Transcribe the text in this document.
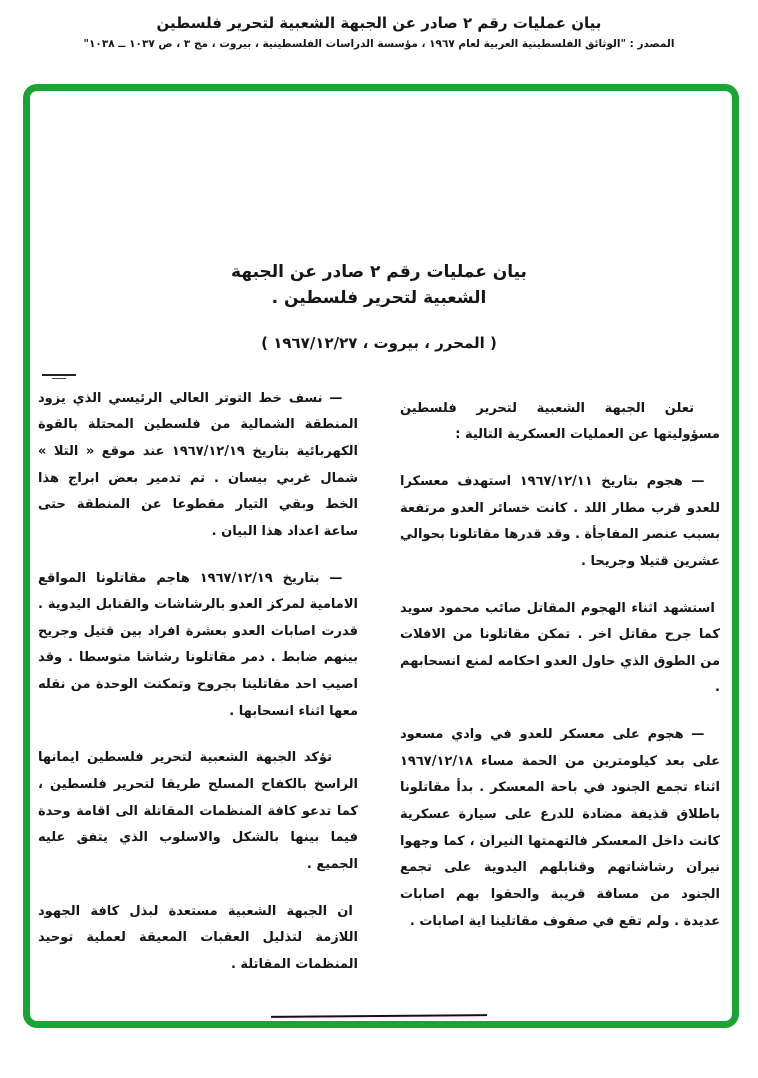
بيان عمليات رقم ٢ صادر عن الجبهة الشعبية لتحرير فلسطين
المصدر : "الوثائق الفلسطينية العربية لعام ١٩٦٧ ، مؤسسة الدراسات الفلسطينية ، بيروت ، مج ٣ ، ص ١٠٣٧ ــ ١٠٣٨"
بيان عمليات رقم ٢ صادر عن الجبهة
الشعبية لتحرير فلسطين .
( المحرر ، بيروت ، ١٩٦٧/١٢/٢٧ )

تعلن الجبهة الشعبية لتحرير فلسطين مسؤوليتها عن العمليات العسكرية التالية :

— هجوم بتاريخ ١٩٦٧/١٢/١١ استهدف معسكرا للعدو قرب مطار اللد . كانت خسائر العدو مرتفعة بسبب عنصر المفاجأة . وقد قدرها مقاتلونا بحوالي عشرين قتيلا وجريحا .

استشهد اثناء الهجوم المقاتل صائب محمود سويد كما جرح مقاتل اخر . تمكن مقاتلونا من الافلات من الطوق الذي حاول العدو احكامه لمنع انسحابهم .

— هجوم على معسكر للعدو في وادي مسعود على بعد كيلومترين من الحمة مساء ١٩٦٧/١٢/١٨ اثناء تجمع الجنود في باحة المعسكر . بدأ مقاتلونا باطلاق قذيفة مضادة للدرع على سيارة عسكرية كانت داخل المعسكر فالتهمتها النيران ، كما وجهوا نيران رشاشاتهم وقنابلهم اليدوية على تجمع الجنود من مسافة قريبة والحقوا بهم اصابات عديدة . ولم تقع في صفوف مقاتلينا اية اصابات .

— نسف خط التوتر العالي الرئيسي الذي يزود المنطقة الشمالية من فلسطين المحتلة بالقوة الكهربائية بتاريخ ١٩٦٧/١٢/١٩ عند موقع « التلا » شمال غربي بيسان . تم تدمير بعض ابراج هذا الخط وبقي التيار مقطوعا عن المنطقة حتى ساعة اعداد هذا البيان .

— بتاريخ ١٩٦٧/١٢/١٩ هاجم مقاتلونا المواقع الامامية لمركز العدو بالرشاشات والقنابل اليدوية . قدرت اصابات العدو بعشرة افراد بين قتيل وجريح بينهم ضابط . دمر مقاتلونا رشاشا متوسطا . وقد اصيب احد مقاتلينا بجروح وتمكنت الوحدة من نقله معها اثناء انسحابها .

تؤكد الجبهة الشعبية لتحرير فلسطين ايمانها الراسخ بالكفاح المسلح طريقا لتحرير فلسطين ، كما تدعو كافة المنظمات المقاتلة الى اقامة وحدة فيما بينها بالشكل والاسلوب الذي يتفق عليه الجميع .

ان الجبهة الشعبية مستعدة لبذل كافة الجهود اللازمة لتذليل العقبات المعيقة لعملية توحيد المنظمات المقاتلة .
